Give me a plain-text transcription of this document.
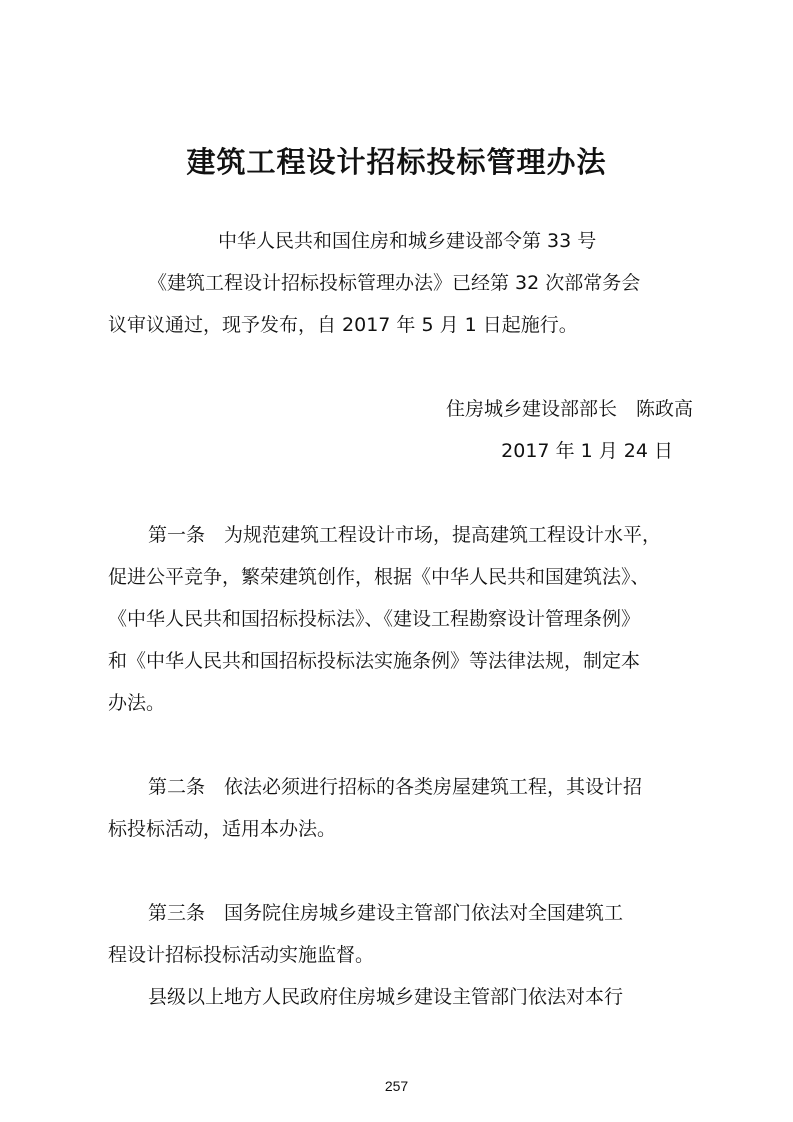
建筑工程设计招标投标管理办法
中华人民共和国住房和城乡建设部令第 33 号
《建筑工程设计招标投标管理办法》已经第 32 次部常务会
议审议通过，现予发布，自 2017 年 5 月 1 日起施行。
住房城乡建设部部长　陈政高
2017 年 1 月 24 日
第一条　为规范建筑工程设计市场，提高建筑工程设计水平，
促进公平竞争，繁荣建筑创作，根据《中华人民共和国建筑法》、
《中华人民共和国招标投标法》、《建设工程勘察设计管理条例》
和《中华人民共和国招标投标法实施条例》等法律法规，制定本
办法。
第二条　依法必须进行招标的各类房屋建筑工程，其设计招
标投标活动，适用本办法。
第三条　国务院住房城乡建设主管部门依法对全国建筑工
程设计招标投标活动实施监督。
县级以上地方人民政府住房城乡建设主管部门依法对本行
257
